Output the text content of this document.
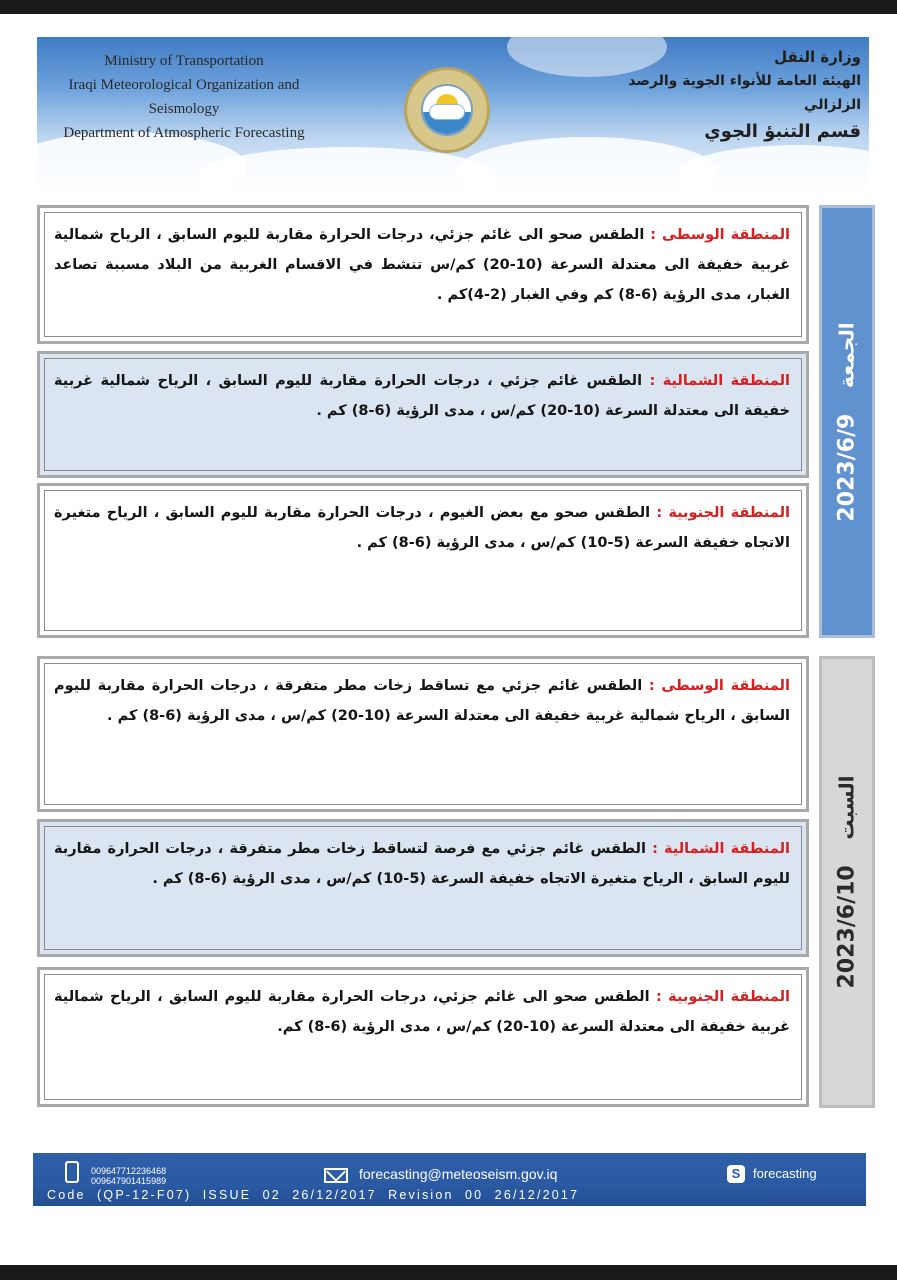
Ministry of Transportation
Iraqi Meteorological Organization and Seismology
Department of Atmospheric Forecasting
وزارة النقل
الهيئة العامة للأنواء الجوية والرصد الزلزالي
قسم التنبؤ الجوي
المنطقة الوسطى : الطقس صحو الى غائم جزئي، درجات الحرارة مقاربة لليوم السابق ، الرياح شمالية غربية خفيفة الى معتدلة السرعة (10-20) كم/س تنشط في الاقسام الغربية من البلاد مسببة تصاعد الغبار، مدى الرؤية (6-8) كم وفي الغبار (2-4)كم .
المنطقة الشمالية : الطقس غائم جزئي ، درجات الحرارة مقاربة لليوم السابق ، الرياح شمالية غربية خفيفة الى معتدلة السرعة (10-20) كم/س ، مدى الرؤية (6-8) كم .
المنطقة الجنوبية : الطقس صحو مع بعض الغيوم ، درجات الحرارة مقاربة لليوم السابق ، الرياح متغيرة الاتجاه خفيفة السرعة (5-10) كم/س ، مدى الرؤية (6-8) كم .
الجمعة 2023/6/9
المنطقة الوسطى : الطقس غائم جزئي مع تساقط زخات مطر متفرقة ، درجات الحرارة مقاربة لليوم السابق ، الرياح شمالية غربية خفيفة الى معتدلة السرعة (10-20) كم/س ، مدى الرؤية (6-8) كم .
المنطقة الشمالية : الطقس غائم جزئي مع فرصة لتساقط زخات مطر متفرقة ، درجات الحرارة مقاربة لليوم السابق ، الرياح متغيرة الاتجاه خفيفة السرعة (5-10) كم/س ، مدى الرؤية (6-8) كم .
المنطقة الجنوبية : الطقس صحو الى غائم جزئي، درجات الحرارة مقاربة لليوم السابق ، الرياح شمالية غربية خفيفة الى معتدلة السرعة (10-20) كم/س ، مدى الرؤية (6-8) كم.
السبت 2023/6/10
009647712236468
009647901415989	forecasting@meteoseism.gov.iq	S forecasting
Code  (QP-12-F07)  ISSUE  02  26/12/2017  Revision  00  26/12/2017
